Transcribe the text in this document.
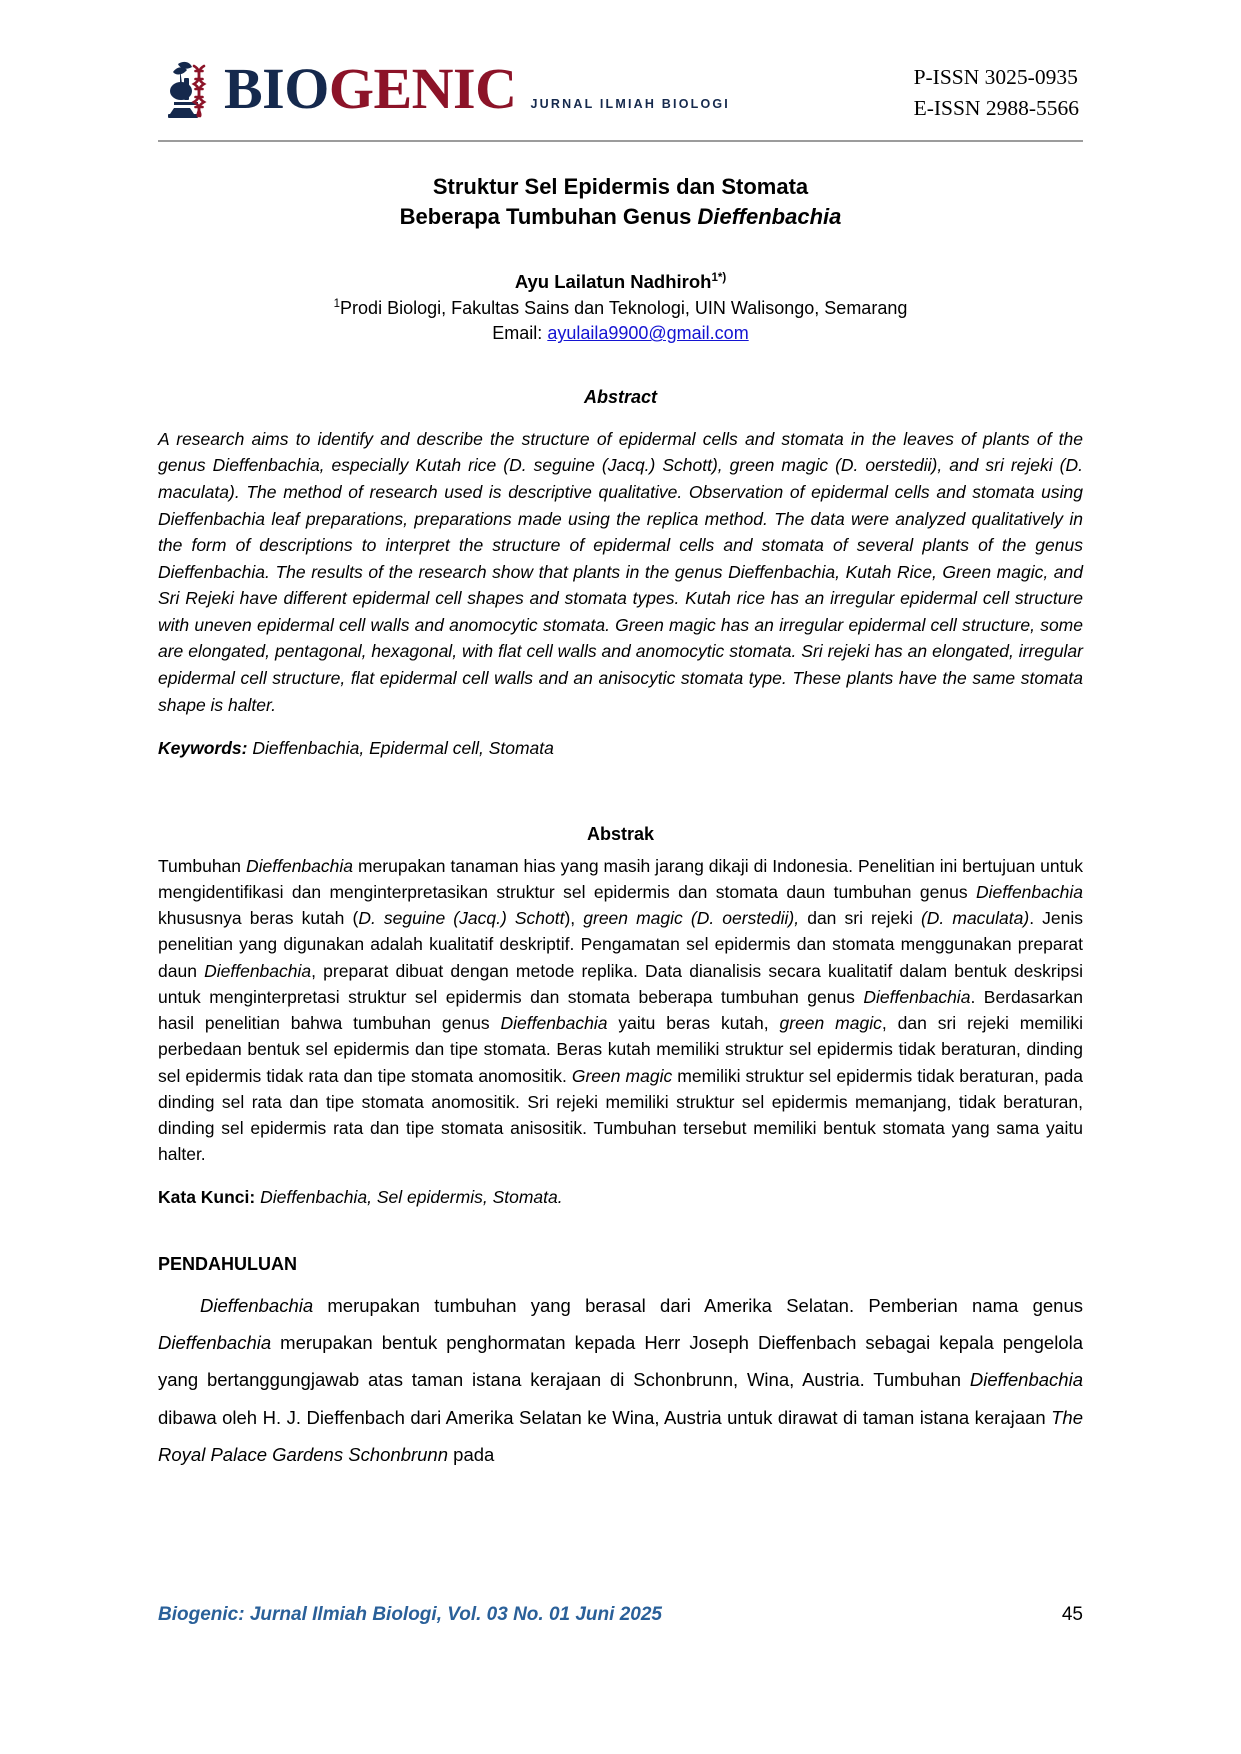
BIOGENIC JURNAL ILMIAH BIOLOGI
P-ISSN 3025-0935
E-ISSN 2988-5566
Struktur Sel Epidermis dan Stomata
Beberapa Tumbuhan Genus Dieffenbachia
Ayu Lailatun Nadhiroh$^{1*)}$
$^1$Prodi Biologi, Fakultas Sains dan Teknologi, UIN Walisongo, Semarang
Email: ayulaila9900@gmail.com
Abstract
A research aims to identify and describe the structure of epidermal cells and stomata in the leaves of plants of the genus Dieffenbachia, especially Kutah rice (D. seguine (Jacq.) Schott), green magic (D. oerstedii), and sri rejeki (D. maculata). The method of research used is descriptive qualitative. Observation of epidermal cells and stomata using Dieffenbachia leaf preparations, preparations made using the replica method. The data were analyzed qualitatively in the form of descriptions to interpret the structure of epidermal cells and stomata of several plants of the genus Dieffenbachia. The results of the research show that plants in the genus Dieffenbachia, Kutah Rice, Green magic, and Sri Rejeki have different epidermal cell shapes and stomata types. Kutah rice has an irregular epidermal cell structure with uneven epidermal cell walls and anomocytic stomata. Green magic has an irregular epidermal cell structure, some are elongated, pentagonal, hexagonal, with flat cell walls and anomocytic stomata. Sri rejeki has an elongated, irregular epidermal cell structure, flat epidermal cell walls and an anisocytic stomata type. These plants have the same stomata shape is halter.
Keywords: Dieffenbachia, Epidermal cell, Stomata
Abstrak
Tumbuhan Dieffenbachia merupakan tanaman hias yang masih jarang dikaji di Indonesia. Penelitian ini bertujuan untuk mengidentifikasi dan menginterpretasikan struktur sel epidermis dan stomata daun tumbuhan genus Dieffenbachia khususnya beras kutah (D. seguine (Jacq.) Schott), green magic (D. oerstedii), dan sri rejeki (D. maculata). Jenis penelitian yang digunakan adalah kualitatif deskriptif. Pengamatan sel epidermis dan stomata menggunakan preparat daun Dieffenbachia, preparat dibuat dengan metode replika. Data dianalisis secara kualitatif dalam bentuk deskripsi untuk menginterpretasi struktur sel epidermis dan stomata beberapa tumbuhan genus Dieffenbachia. Berdasarkan hasil penelitian bahwa tumbuhan genus Dieffenbachia yaitu beras kutah, green magic, dan sri rejeki memiliki perbedaan bentuk sel epidermis dan tipe stomata. Beras kutah memiliki struktur sel epidermis tidak beraturan, dinding sel epidermis tidak rata dan tipe stomata anomositik. Green magic memiliki struktur sel epidermis tidak beraturan, pada dinding sel rata dan tipe stomata anomositik. Sri rejeki memiliki struktur sel epidermis memanjang, tidak beraturan, dinding sel epidermis rata dan tipe stomata anisositik. Tumbuhan tersebut memiliki bentuk stomata yang sama yaitu halter.
Kata Kunci: Dieffenbachia, Sel epidermis, Stomata.
PENDAHULUAN
Dieffenbachia merupakan tumbuhan yang berasal dari Amerika Selatan. Pemberian nama genus Dieffenbachia merupakan bentuk penghormatan kepada Herr Joseph Dieffenbach sebagai kepala pengelola yang bertanggungjawab atas taman istana kerajaan di Schonbrunn, Wina, Austria. Tumbuhan Dieffenbachia dibawa oleh H. J. Dieffenbach dari Amerika Selatan ke Wina, Austria untuk dirawat di taman istana kerajaan The Royal Palace Gardens Schonbrunn pada
Biogenic: Jurnal Ilmiah Biologi, Vol. 03 No. 01 Juni 2025	45
